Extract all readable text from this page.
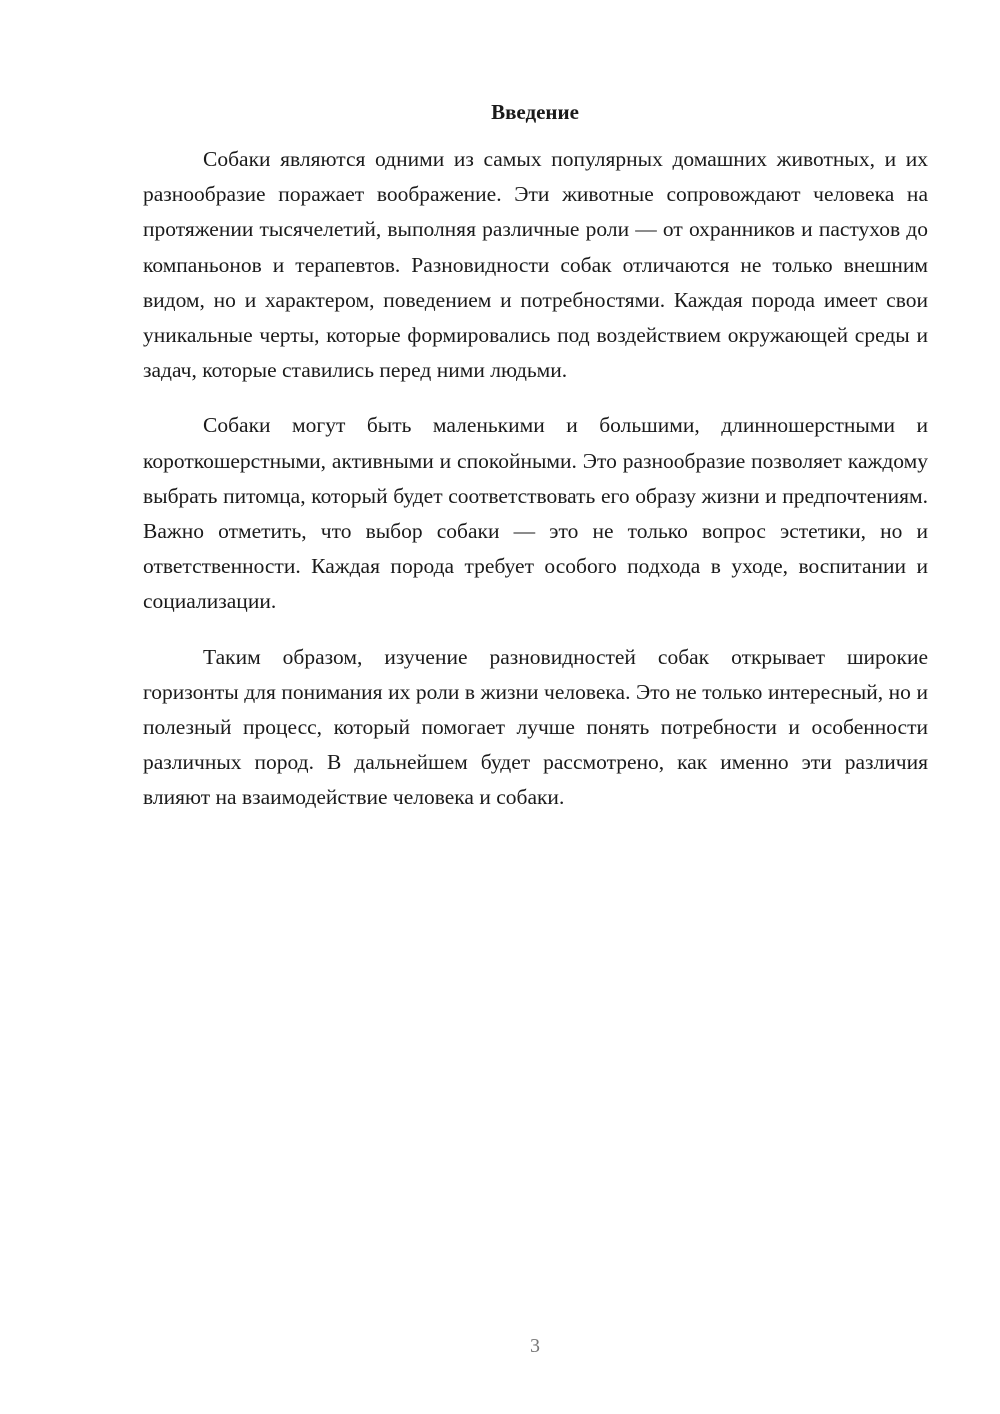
Введение

Собаки являются одними из самых популярных домашних животных, и их разнообразие поражает воображение. Эти животные сопровождают человека на протяжении тысячелетий, выполняя различные роли — от охранников и пастухов до компаньонов и терапевтов. Разновидности собак отличаются не только внешним видом, но и характером, поведением и потребностями. Каждая порода имеет свои уникальные черты, которые формировались под воздействием окружающей среды и задач, которые ставились перед ними людьми.

Собаки могут быть маленькими и большими, длинношерстными и короткошерстными, активными и спокойными. Это разнообразие позволяет каждому выбрать питомца, который будет соответствовать его образу жизни и предпочтениям. Важно отметить, что выбор собаки — это не только вопрос эстетики, но и ответственности. Каждая порода требует особого подхода в уходе, воспитании и социализации.

Таким образом, изучение разновидностей собак открывает широкие горизонты для понимания их роли в жизни человека. Это не только интересный, но и полезный процесс, который помогает лучше понять потребности и особенности различных пород. В дальнейшем будет рассмотрено, как именно эти различия влияют на взаимодействие человека и собаки.

3
